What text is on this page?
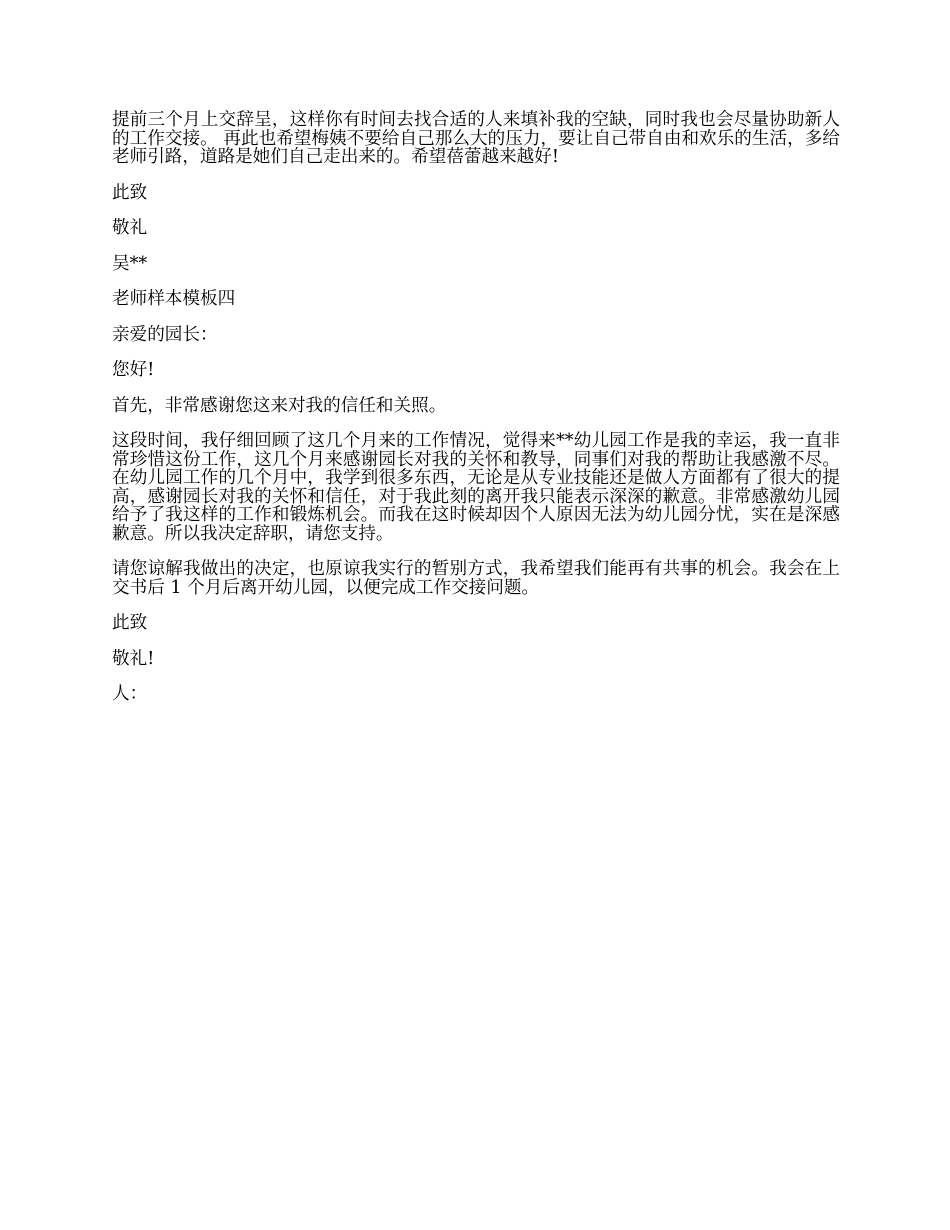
提前三个月上交辞呈，这样你有时间去找合适的人来填补我的空缺，同时我也会尽量协助新人的工作交接。 再此也希望梅姨不要给自己那么大的压力，要让自己带自由和欢乐的生活，多给老师引路，道路是她们自己走出来的。希望蓓蕾越来越好!

此致

敬礼

吴**

老师样本模板四

亲爱的园长：

您好!

首先，非常感谢您这来对我的信任和关照。

这段时间，我仔细回顾了这几个月来的工作情况，觉得来**幼儿园工作是我的幸运，我一直非常珍惜这份工作，这几个月来感谢园长对我的关怀和教导，同事们对我的帮助让我感激不尽。在幼儿园工作的几个月中，我学到很多东西，无论是从专业技能还是做人方面都有了很大的提高，感谢园长对我的关怀和信任，对于我此刻的离开我只能表示深深的歉意。非常感激幼儿园给予了我这样的工作和锻炼机会。而我在这时候却因个人原因无法为幼儿园分忧，实在是深感歉意。所以我决定辞职，请您支持。

请您谅解我做出的决定，也原谅我实行的暂别方式，我希望我们能再有共事的机会。我会在上交书后 1 个月后离开幼儿园，以便完成工作交接问题。

此致

敬礼!

人：
